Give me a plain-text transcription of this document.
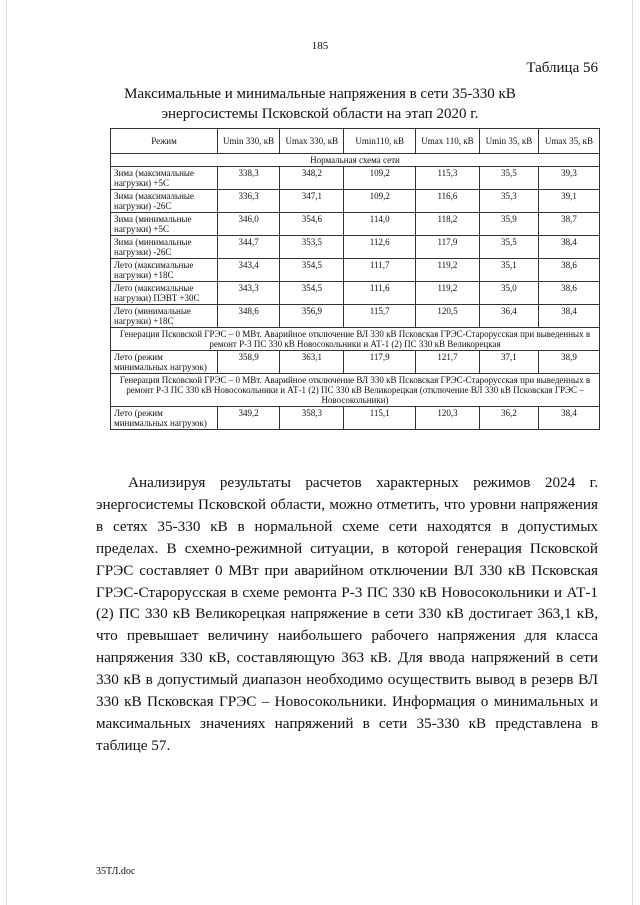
185
Таблица 56
Максимальные и минимальные напряжения в сети 35-330 кВ
энергосистемы Псковской области на этап 2020 г.
Режим	Umin 330, кВ	Umax 330, кВ	Umin110, кВ	Umax 110, кВ	Umin 35, кВ	Umax 35, кВ
Нормальная схема сети						
Зима (максимальные нагрузки) +5С	338,3	348,2	109,2	115,3	35,5	39,3
Зима (максимальные нагрузки) -26С	336,3	347,1	109,2	116,6	35,3	39,1
Зима (минимальные нагрузки) +5С	346,0	354,6	114,0	118,2	35,9	38,7
Зима (минимальные нагрузки) -26С	344,7	353,5	112,6	117,9	35,5	38,4
Лето (максимальные нагрузки) +18С	343,4	354,5	111,7	119,2	35,1	38,6
Лето (максимальные нагрузки) ПЭВТ +30С	343,3	354,5	111,6	119,2	35,0	38,6
Лето (минимальные нагрузки) +18С	348,6	356,9	115,7	120,5	36,4	38,4
Генерация Псковской ГРЭС – 0 МВт. Аварийное отключение ВЛ 330 кВ Псковская ГРЭС-Старорусская при выведенных в ремонт Р-3 ПС 330 кВ Новосокольники и АТ-1 (2) ПС 330 кВ Великорецкая						
Лето (режим минимальных нагрузок)	358,9	363,1	117,9	121,7	37,1	38,9
Генерация Псковской ГРЭС – 0 МВт. Аварийное отключение ВЛ 330 кВ Псковская ГРЭС-Старорусская при выведенных в ремонт Р-3 ПС 330 кВ Новосокольники и АТ-1 (2) ПС 330 кВ Великорецкая (отключение ВЛ 330 кВ Псковская ГРЭС – Новосокольники)						
Лето (режим минимальных нагрузок)	349,2	358,3	115,1	120,3	36,2	38,4

Анализируя результаты расчетов характерных режимов 2024 г. энергосистемы Псковской области, можно отметить, что уровни напряжения в сетях 35-330 кВ в нормальной схеме сети находятся в допустимых пределах. В схемно-режимной ситуации, в которой генерация Псковской ГРЭС составляет 0 МВт при аварийном отключении ВЛ 330 кВ Псковская ГРЭС-Старорусская в схеме ремонта Р-3 ПС 330 кВ Новосокольники и АТ-1 (2) ПС 330 кВ Великорецкая напряжение в сети 330 кВ достигает 363,1 кВ, что превышает величину наибольшего рабочего напряжения для класса напряжения 330 кВ, составляющую 363 кВ. Для ввода напряжений в сети 330 кВ в допустимый диапазон необходимо осуществить вывод в резерв ВЛ 330 кВ Псковская ГРЭС – Новосокольники. Информация о минимальных и максимальных значениях напряжений в сети 35-330 кВ представлена в таблице 57.

35ТЛ.doc
